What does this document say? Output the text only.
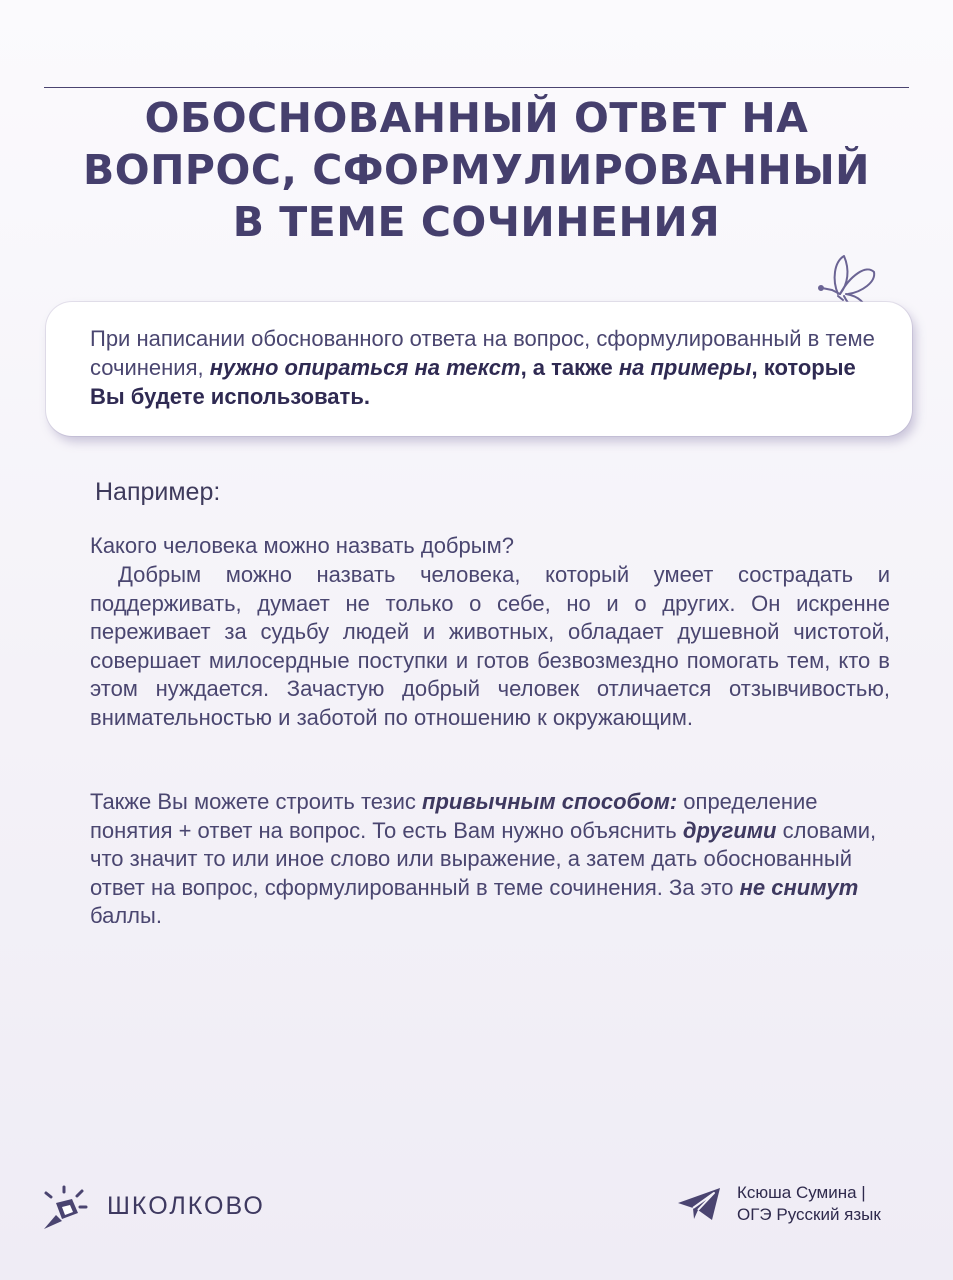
ОБОСНОВАННЫЙ ОТВЕТ НА
ВОПРОС, СФОРМУЛИРОВАННЫЙ
В ТЕМЕ СОЧИНЕНИЯ
При написании обоснованного ответа на вопрос, сформулированный в теме сочинения, нужно опираться на текст, а также на примеры, которые Вы будете использовать.
Например:

Какого человека можно назвать добрым?

Добрым можно назвать человека, который умеет сострадать и поддерживать, думает не только о себе, но и о других. Он искренне переживает за судьбу людей и животных, обладает душевной чистотой, совершает милосердные поступки и готов безвозмездно помогать тем, кто в этом нуждается. Зачастую добрый человек отличается отзывчивостью, внимательностью и заботой по отношению к окружающим.

Также Вы можете строить тезис привычным способом: определение понятия + ответ на вопрос. То есть Вам нужно объяснить другими словами, что значит то или иное слово или выражение, а затем дать обоснованный ответ на вопрос, сформулированный в теме сочинения. За это не снимут баллы.

ШКОЛКОВО	Ксюша Сумина |
ОГЭ Русский язык
